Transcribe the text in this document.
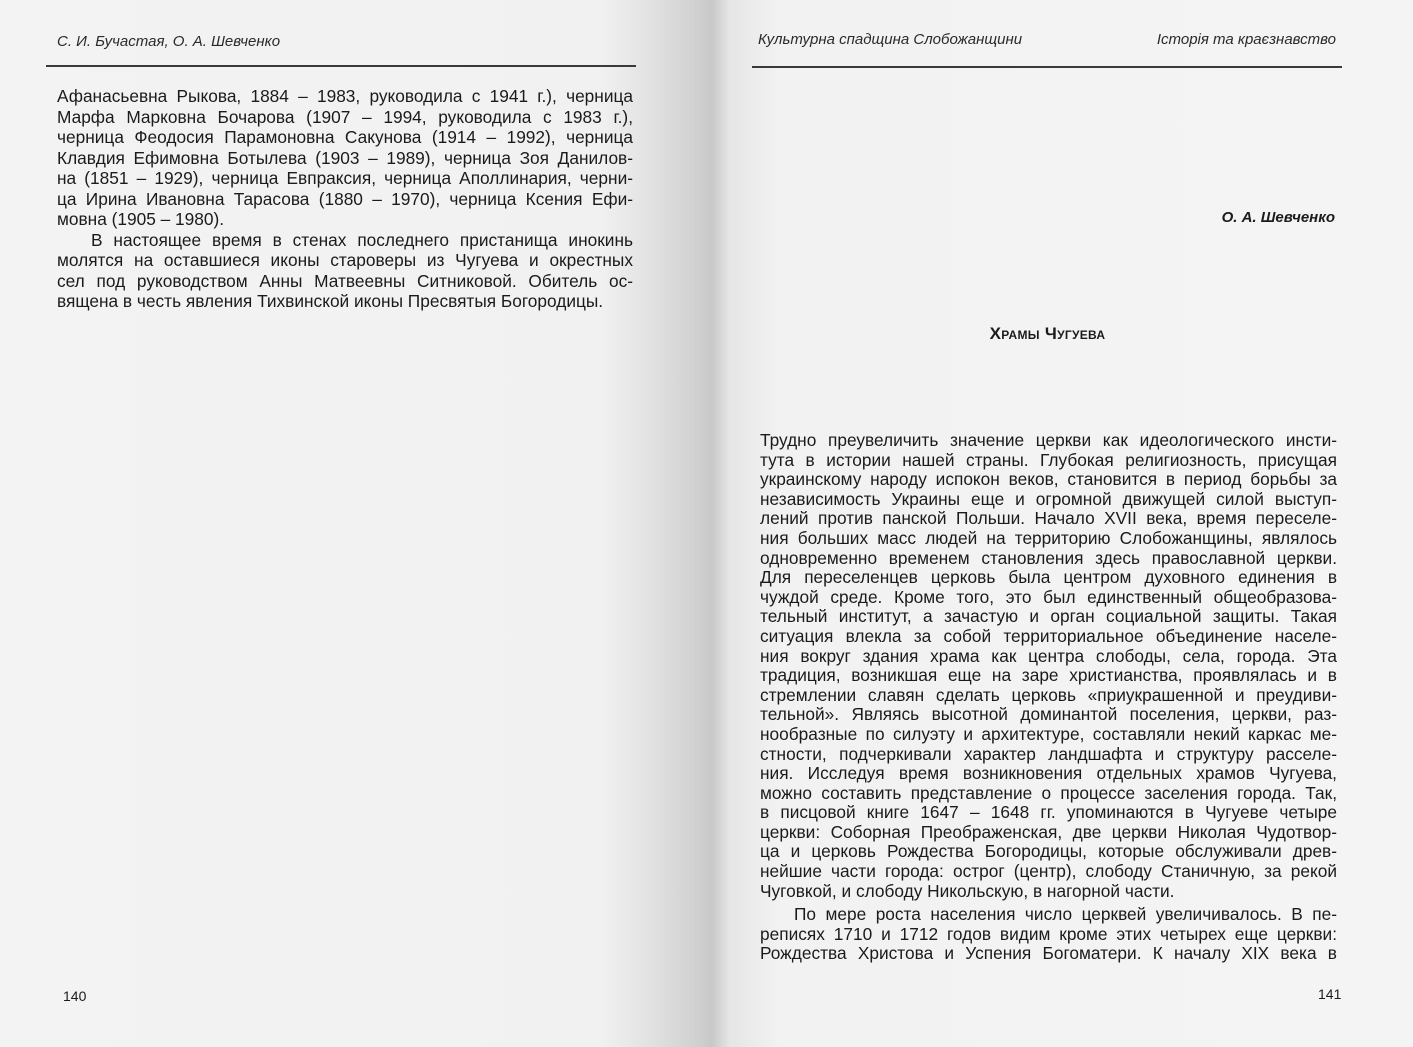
С. И. Бучастая, О. А. Шевченко
Афанасьевна Рыкова, 1884 – 1983, руководила с 1941 г.), черница
Марфа Марковна Бочарова (1907 – 1994, руководила с 1983 г.),
черница Феодосия Парамоновна Сакунова (1914 – 1992), черница
Клавдия Ефимовна Ботылева (1903 – 1989), черница Зоя Данилов-
на (1851 – 1929), черница Евпраксия, черница Аполлинария, черни-
ца Ирина Ивановна Тарасова (1880 – 1970), черница Ксения Ефи-
мовна (1905 – 1980).
В настоящее время в стенах последнего пристанища инокинь
молятся на оставшиеся иконы староверы из Чугуева и окрестных
сел под руководством Анны Матвеевны Ситниковой. Обитель ос-
вящена в честь явления Тихвинской иконы Пресвятыя Богородицы.
140
Культурна спадщина Слобожанщини	Історія та краєзнавство
О. А. Шевченко
Храмы Чугуева
Трудно преувеличить значение церкви как идеологического инсти-
тута в истории нашей страны. Глубокая религиозность, присущая
украинскому народу испокон веков, становится в период борьбы за
независимость Украины еще и огромной движущей силой выступ-
лений против панской Польши. Начало XVII века, время переселе-
ния больших масс людей на территорию Слобожанщины, являлось
одновременно временем становления здесь православной церкви.
Для переселенцев церковь была центром духовного единения в
чуждой среде. Кроме того, это был единственный общеобразова-
тельный институт, а зачастую и орган социальной защиты. Такая
ситуация влекла за собой территориальное объединение населе-
ния вокруг здания храма как центра слободы, села, города. Эта
традиция, возникшая еще на заре христианства, проявлялась и в
стремлении славян сделать церковь «приукрашенной и преудиви-
тельной». Являясь высотной доминантой поселения, церкви, раз-
нообразные по силуэту и архитектуре, составляли некий каркас ме-
стности, подчеркивали характер ландшафта и структуру расселе-
ния. Исследуя время возникновения отдельных храмов Чугуева,
можно составить представление о процессе заселения города. Так,
в писцовой книге 1647 – 1648 гг. упоминаются в Чугуеве четыре
церкви: Соборная Преображенская, две церкви Николая Чудотвор-
ца и церковь Рождества Богородицы, которые обслуживали древ-
нейшие части города: острог (центр), слободу Станичную, за рекой
Чуговкой, и слободу Никольскую, в нагорной части.
По мере роста населения число церквей увеличивалось. В пе-
реписях 1710 и 1712 годов видим кроме этих четырех еще церкви:
Рождества Христова и Успения Богоматери. К началу XIX века в
141
